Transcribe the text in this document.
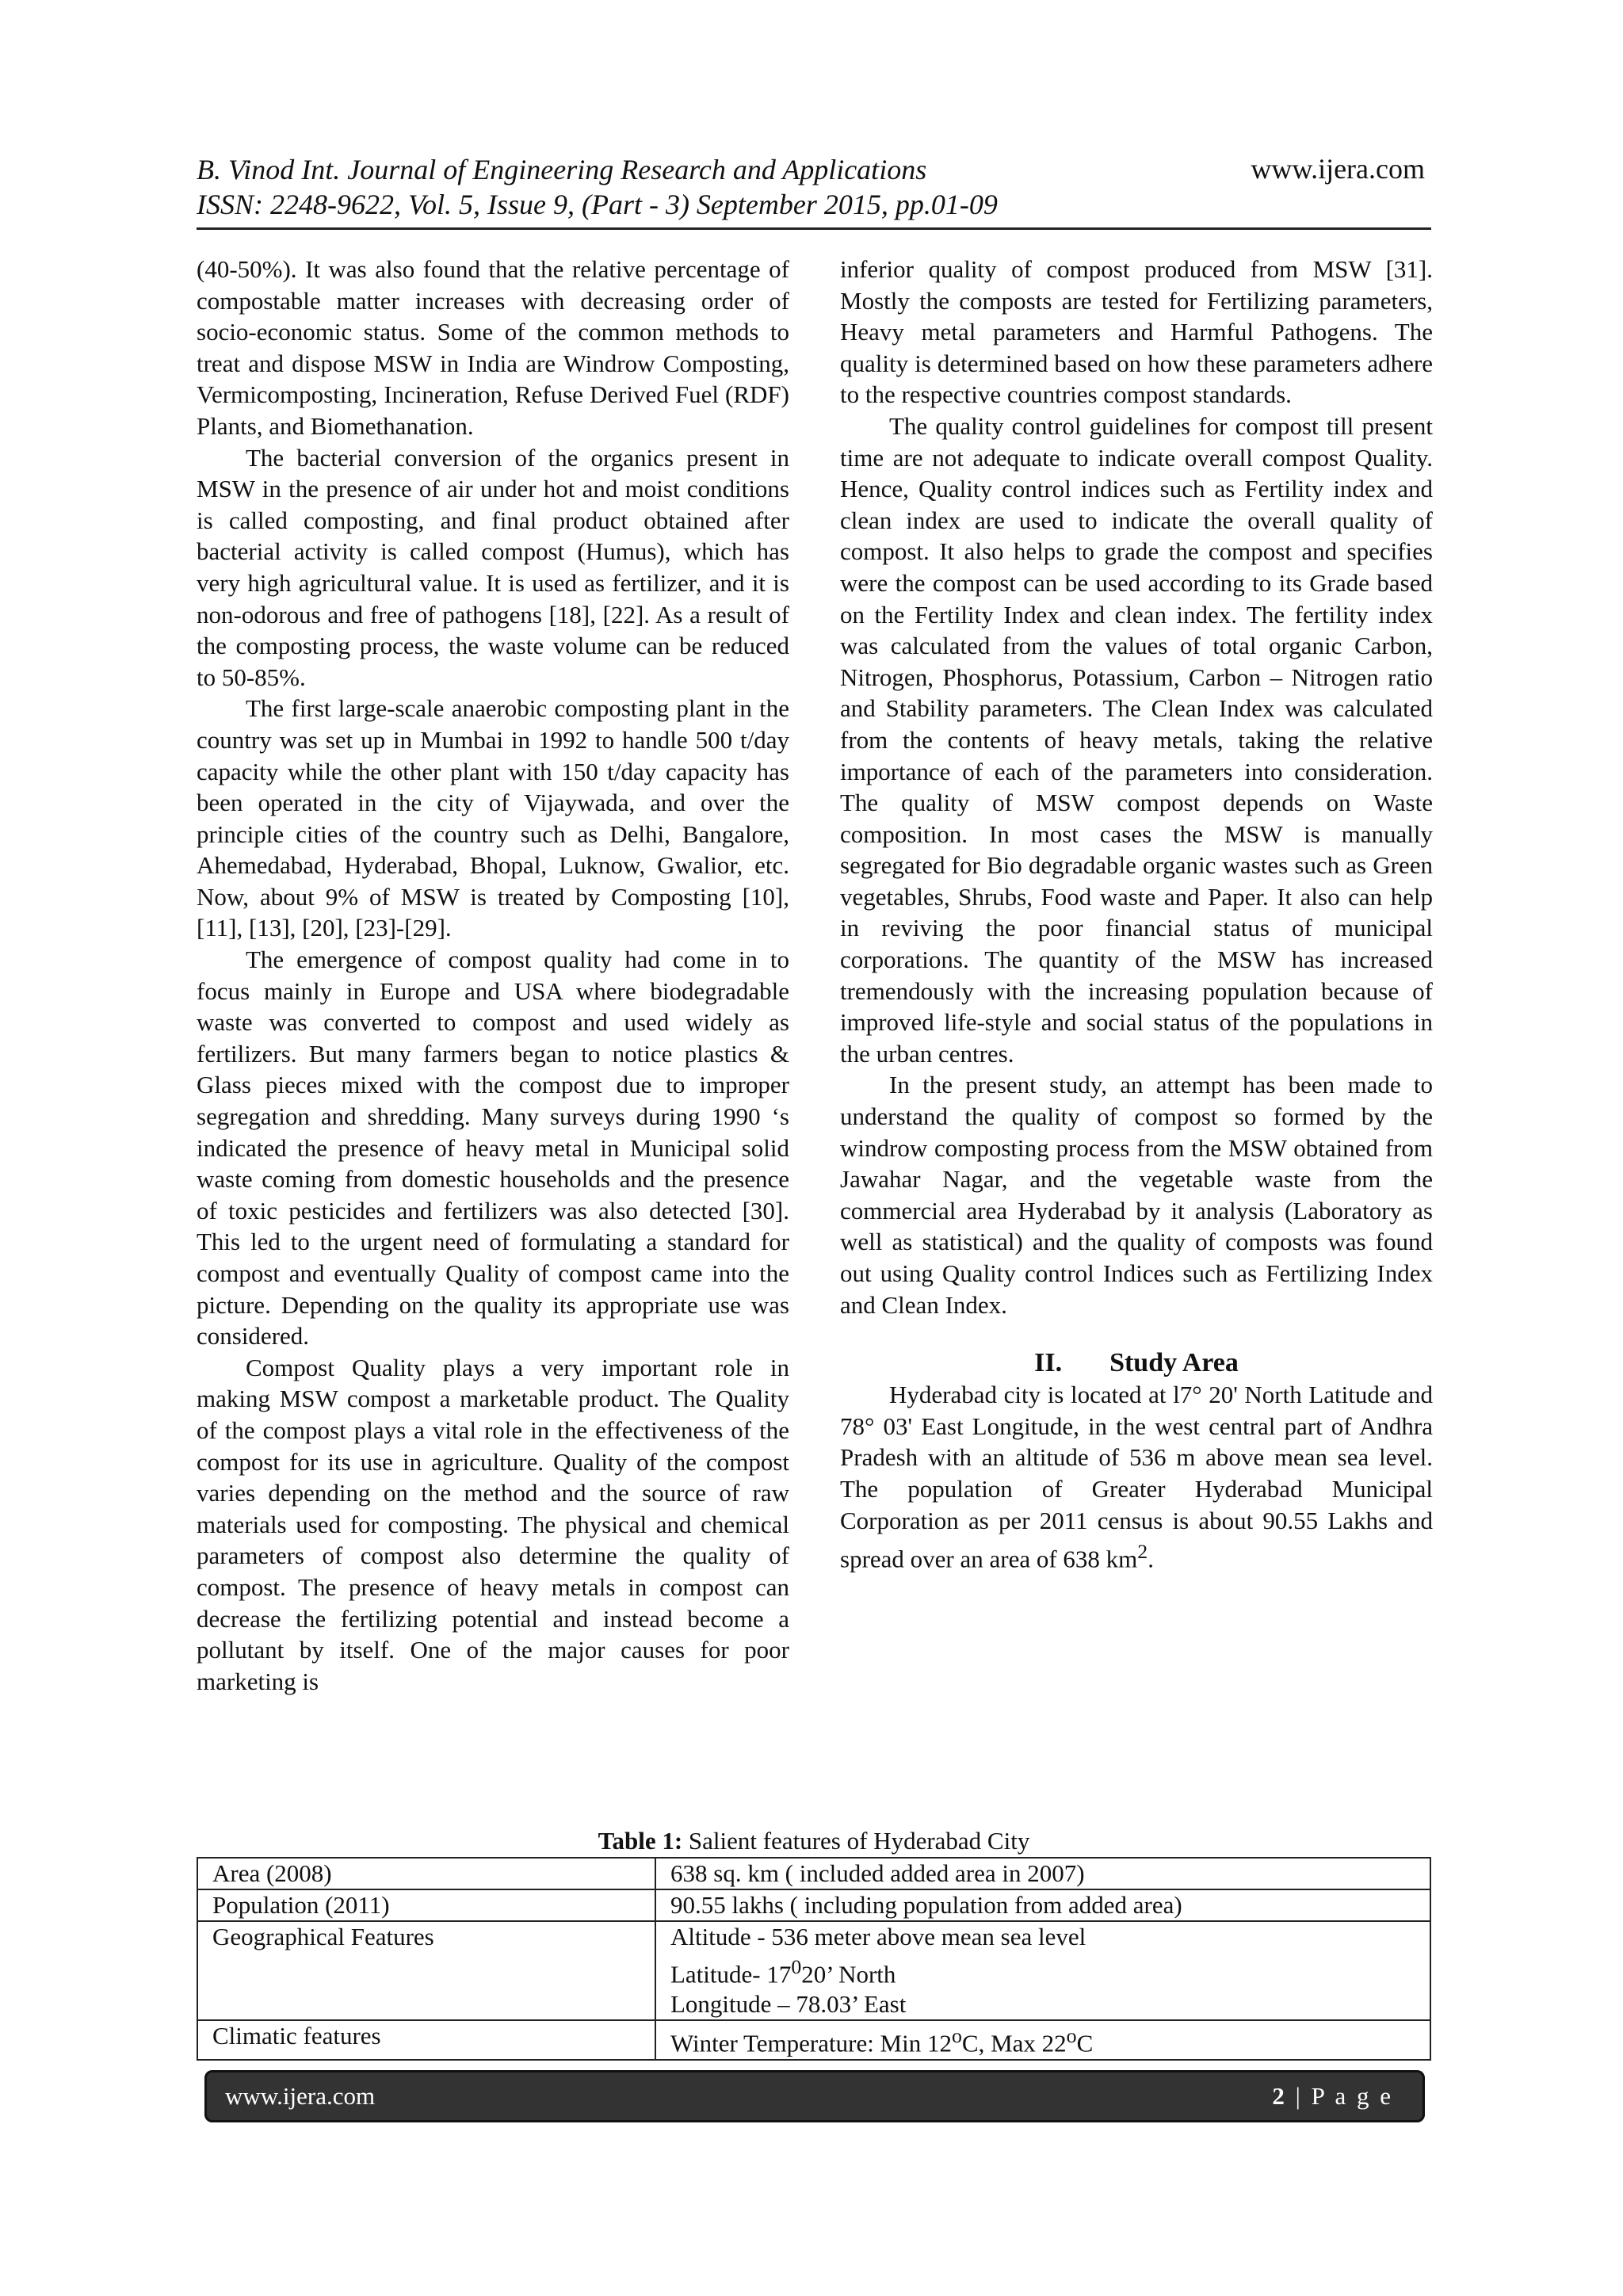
B. Vinod Int. Journal of Engineering Research and Applications
ISSN: 2248-9622, Vol. 5, Issue 9, (Part - 3) September 2015, pp.01-09
www.ijera.com

(40-50%). It was also found that the relative percentage of compostable matter increases with decreasing order of socio-economic status. Some of the common methods to treat and dispose MSW in India are Windrow Composting, Vermicomposting, Incineration, Refuse Derived Fuel (RDF) Plants, and Biomethanation.

The bacterial conversion of the organics present in MSW in the presence of air under hot and moist conditions is called composting, and final product obtained after bacterial activity is called compost (Humus), which has very high agricultural value. It is used as fertilizer, and it is non-odorous and free of pathogens [18], [22]. As a result of the composting process, the waste volume can be reduced to 50-85%.

The first large-scale anaerobic composting plant in the country was set up in Mumbai in 1992 to handle 500 t/day capacity while the other plant with 150 t/day capacity has been operated in the city of Vijaywada, and over the principle cities of the country such as Delhi, Bangalore, Ahemedabad, Hyderabad, Bhopal, Luknow, Gwalior, etc. Now, about 9% of MSW is treated by Composting [10], [11], [13], [20], [23]-[29].

The emergence of compost quality had come in to focus mainly in Europe and USA where biodegradable waste was converted to compost and used widely as fertilizers. But many farmers began to notice plastics & Glass pieces mixed with the compost due to improper segregation and shredding. Many surveys during 1990 ‘s indicated the presence of heavy metal in Municipal solid waste coming from domestic households and the presence of toxic pesticides and fertilizers was also detected [30]. This led to the urgent need of formulating a standard for compost and eventually Quality of compost came into the picture. Depending on the quality its appropriate use was considered.

Compost Quality plays a very important role in making MSW compost a marketable product. The Quality of the compost plays a vital role in the effectiveness of the compost for its use in agriculture. Quality of the compost varies depending on the method and the source of raw materials used for composting. The physical and chemical parameters of compost also determine the quality of compost. The presence of heavy metals in compost can decrease the fertilizing potential and instead become a pollutant by itself. One of the major causes for poor marketing is

inferior quality of compost produced from MSW [31]. Mostly the composts are tested for Fertilizing parameters, Heavy metal parameters and Harmful Pathogens. The quality is determined based on how these parameters adhere to the respective countries compost standards.

The quality control guidelines for compost till present time are not adequate to indicate overall compost Quality. Hence, Quality control indices such as Fertility index and clean index are used to indicate the overall quality of compost. It also helps to grade the compost and specifies were the compost can be used according to its Grade based on the Fertility Index and clean index. The fertility index was calculated from the values of total organic Carbon, Nitrogen, Phosphorus, Potassium, Carbon – Nitrogen ratio and Stability parameters. The Clean Index was calculated from the contents of heavy metals, taking the relative importance of each of the parameters into consideration. The quality of MSW compost depends on Waste composition. In most cases the MSW is manually segregated for Bio degradable organic wastes such as Green vegetables, Shrubs, Food waste and Paper. It also can help in reviving the poor financial status of municipal corporations. The quantity of the MSW has increased tremendously with the increasing population because of improved life-style and social status of the populations in the urban centres.

In the present study, an attempt has been made to understand the quality of compost so formed by the windrow composting process from the MSW obtained from Jawahar Nagar, and the vegetable waste from the commercial area Hyderabad by it analysis (Laboratory as well as statistical) and the quality of composts was found out using Quality control Indices such as Fertilizing Index and Clean Index.

II. Study Area

Hyderabad city is located at l7° 20' North Latitude and 78° 03' East Longitude, in the west central part of Andhra Pradesh with an altitude of 536 m above mean sea level. The population of Greater Hyderabad Municipal Corporation as per 2011 census is about 90.55 Lakhs and spread over an area of 638 $km^2$.

Table 1: Salient features of Hyderabad City
Area (2008)	638 sq. km ( included added area in 2007)
Population (2011)	90.55 lakhs ( including population from added area)
Geographical Features	Altitude - 536 meter above mean sea level
Latitude- $17^020$’ North
Longitude – 78.03’ East

Climatic features	Winter Temperature: Min 12$^o$C, Max 22$^o$C
www.ijera.com	2 | P a g e
